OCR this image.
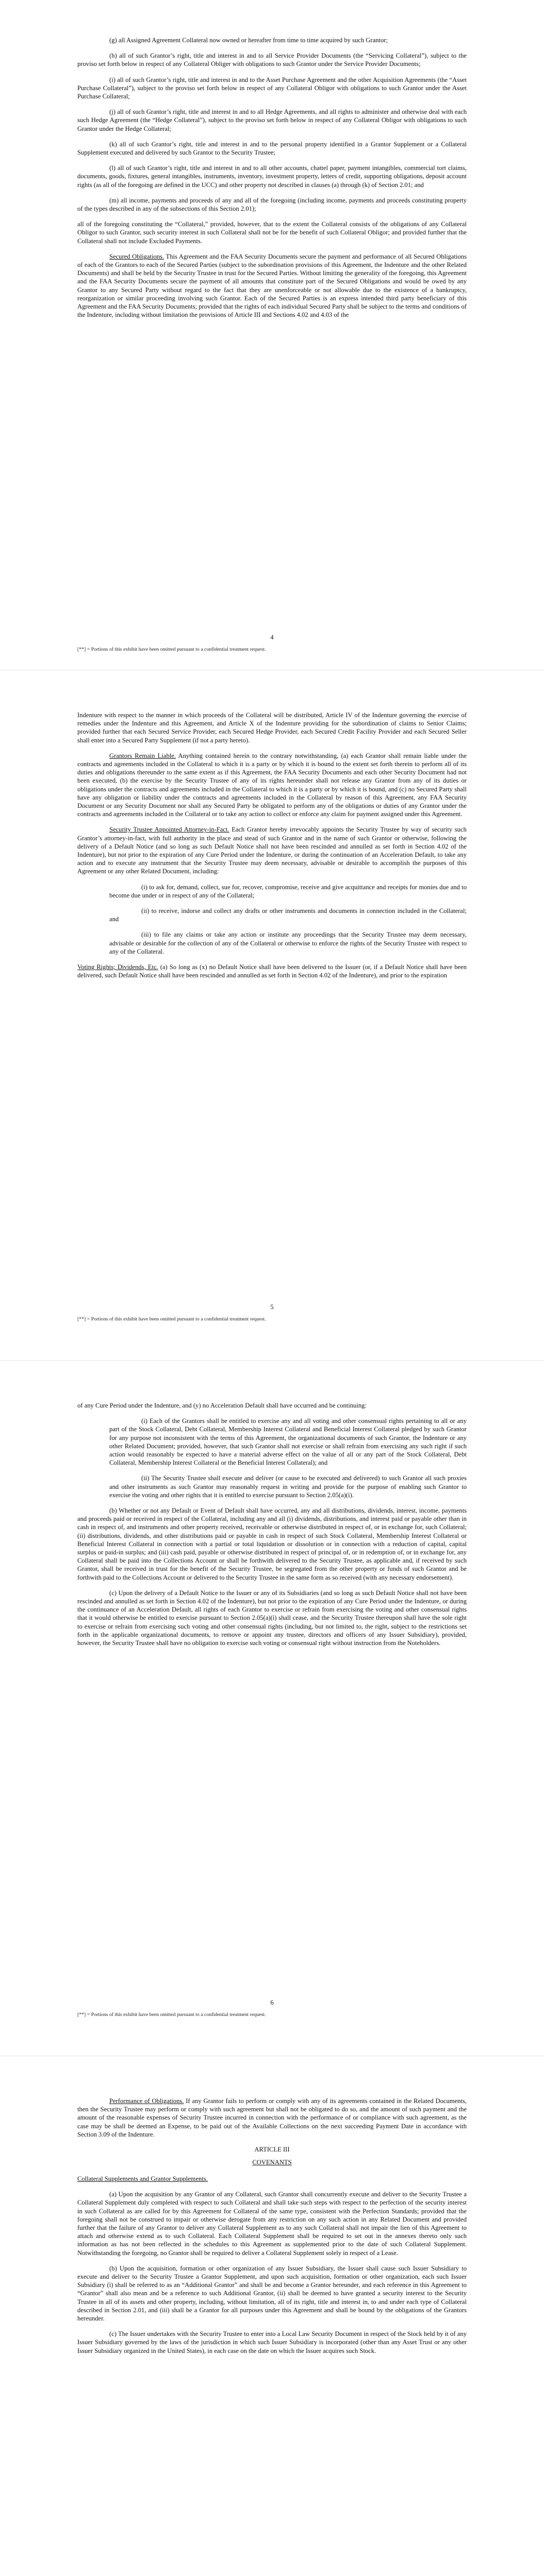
(g) all Assigned Agreement Collateral now owned or hereafter from time to time acquired by such Grantor;

(h) all of such Grantor’s right, title and interest in and to all Service Provider Documents (the “Servicing Collateral”), subject to the proviso set forth below in respect of any Collateral Obliger with obligations to such Grantor under the Service Provider Documents;

(i) all of such Grantor’s right, title and interest in and to the Asset Purchase Agreement and the other Acquisition Agreements (the “Asset Purchase Collateral”), subject to the proviso set forth below in respect of any Collateral Obligor with obligations to such Grantor under the Asset Purchase Collateral;

(j) all of such Grantor’s right, title and interest in and to all Hedge Agreements, and all rights to administer and otherwise deal with each such Hedge Agreement (the “Hedge Collateral”), subject to the proviso set forth below in respect of any Collateral Obligor with obligations to such Grantor under the Hedge Collateral;

(k) all of such Grantor’s right, title and interest in and to the personal property identified in a Grantor Supplement or a Collateral Supplement executed and delivered by such Grantor to the Security Trustee;

(l) all of such Grantor’s right, title and interest in and to all other accounts, chattel paper, payment intangibles, commercial tort claims, documents, goods, fixtures, general intangibles, instruments, inventory, investment property, letters of credit, supporting obligations, deposit account rights (as all of the foregoing are defined in the UCC) and other property not described in clauses (a) through (k) of Section 2.01; and

(m) all income, payments and proceeds of any and all of the foregoing (including income, payments and proceeds constituting property of the types described in any of the subsections of this Section 2.01);

all of the foregoing constituting the “Collateral,” provided, however, that to the extent the Collateral consists of the obligations of any Collateral Obligor to such Grantor, such security interest in such Collateral shall not be for the benefit of such Collateral Obligor; and provided further that the Collateral shall not include Excluded Payments.

Secured Obligations. This Agreement and the FAA Security Documents secure the payment and performance of all Secured Obligations of each of the Grantors to each of the Secured Parties (subject to the subordination provisions of this Agreement, the Indenture and the other Related Documents) and shall be held by the Security Trustee in trust for the Secured Parties. Without limiting the generality of the foregoing, this Agreement and the FAA Security Documents secure the payment of all amounts that constitute part of the Secured Obligations and would be owed by any Grantor to any Secured Party without regard to the fact that they are unenforceable or not allowable due to the existence of a bankruptcy, reorganization or similar proceeding involving such Grantor. Each of the Secured Parties is an express intended third party beneficiary of this Agreement and the FAA Security Documents; provided that the rights of each individual Secured Party shall be subject to the terms and conditions of the Indenture, including without limitation the provisions of Article III and Sections 4.02 and 4.03 of the

4
[**] = Portions of this exhibit have been omitted pursuant to a confidential treatment request.

Indenture with respect to the manner in which proceeds of the Collateral will be distributed, Article IV of the Indenture governing the exercise of remedies under the Indenture and this Agreement, and Article X of the Indenture providing for the subordination of claims to Senior Claims; provided further that each Secured Service Provider, each Secured Hedge Provider, each Secured Credit Facility Provider and each Secured Seller shall enter into a Secured Party Supplement (if not a party hereto).

Grantors Remain Liable. Anything contained herein to the contrary notwithstanding, (a) each Grantor shall remain liable under the contracts and agreements included in the Collateral to which it is a party or by which it is bound to the extent set forth therein to perform all of its duties and obligations thereunder to the same extent as if this Agreement, the FAA Security Documents and each other Security Document had not been executed, (b) the exercise by the Security Trustee of any of its rights hereunder shall not release any Grantor from any of its duties or obligations under the contracts and agreements included in the Collateral to which it is a party or by which it is bound, and (c) no Secured Party shall have any obligation or liability under the contracts and agreements included in the Collateral by reason of this Agreement, any FAA Security Document or any Security Document nor shall any Secured Party be obligated to perform any of the obligations or duties of any Grantor under the contracts and agreements included in the Collateral or to take any action to collect or enforce any claim for payment assigned under this Agreement.

Security Trustee Appointed Attorney-in-Fact. Each Grantor hereby irrevocably appoints the Security Trustee by way of security such Grantor’s attorney-in-fact, with full authority in the place and stead of such Grantor and in the name of such Grantor or otherwise, following the delivery of a Default Notice (and so long as such Default Notice shall not have been rescinded and annulled as set forth in Section 4.02 of the Indenture), but not prior to the expiration of any Cure Period under the Indenture, or during the continuation of an Acceleration Default, to take any action and to execute any instrument that the Security Trustee may deem necessary, advisable or desirable to accomplish the purposes of this Agreement or any other Related Document, including:

(i) to ask for, demand, collect, sue for, recover, compromise, receive and give acquittance and receipts for monies due and to become due under or in respect of any of the Collateral;

(ii) to receive, indorse and collect any drafts or other instruments and documents in connection included in the Collateral; and

(iii) to file any claims or take any action or institute any proceedings that the Security Trustee may deem necessary, advisable or desirable for the collection of any of the Collateral or otherwise to enforce the rights of the Security Trustee with respect to any of the Collateral.

Voting Rights; Dividends, Etc. (a) So long as (x) no Default Notice shall have been delivered to the Issuer (or, if a Default Notice shall have been delivered, such Default Notice shall have been rescinded and annulled as set forth in Section 4.02 of the Indenture), and prior to the expiration

5
[**] = Portions of this exhibit have been omitted pursuant to a confidential treatment request.

of any Cure Period under the Indenture, and (y) no Acceleration Default shall have occurred and be continuing:

(i) Each of the Grantors shall be entitled to exercise any and all voting and other consensual rights pertaining to all or any part of the Stock Collateral, Debt Collateral, Membership Interest Collateral and Beneficial Interest Collateral pledged by such Grantor for any purpose not inconsistent with the terms of this Agreement, the organizational documents of such Grantor, the Indenture or any other Related Document; provided, however, that such Grantor shall not exercise or shall refrain from exercising any such right if such action would reasonably be expected to have a material adverse effect on the value of all or any part of the Stock Collateral, Debt Collateral, Membership Interest Collateral or the Beneficial Interest Collateral); and

(ii) The Security Trustee shall execute and deliver (or cause to be executed and delivered) to such Grantor all such proxies and other instruments as such Grantor may reasonably request in writing and provide for the purpose of enabling such Grantor to exercise the voting and other rights that it is entitled to exercise pursuant to Section 2.05(a)(i).

(b) Whether or not any Default or Event of Default shall have occurred, any and all distributions, dividends, interest, income, payments and proceeds paid or received in respect of the Collateral, including any and all (i) dividends, distributions, and interest paid or payable other than in cash in respect of, and instruments and other property received, receivable or otherwise distributed in respect of, or in exchange for, such Collateral; (ii) distributions, dividends, and other distributions paid or payable in cash in respect of such Stock Collateral, Membership Interest Collateral or Beneficial Interest Collateral in connection with a partial or total liquidation or dissolution or in connection with a reduction of capital, capital surplus or paid-in surplus; and (iii) cash paid, payable or otherwise distributed in respect of principal of, or in redemption of, or in exchange for, any Collateral shall be paid into the Collections Account or shall be forthwith delivered to the Security Trustee, as applicable and, if received by such Grantor, shall be received in trust for the benefit of the Security Trustee, be segregated from the other property or funds of such Grantor and be forthwith paid to the Collections Account or delivered to the Security Trustee in the same form as so received (with any necessary endorsement).

(c) Upon the delivery of a Default Notice to the Issuer or any of its Subsidiaries (and so long as such Default Notice shall not have been rescinded and annulled as set forth in Section 4.02 of the Indenture), but not prior to the expiration of any Cure Period under the Indenture, or during the continuance of an Acceleration Default, all rights of each Grantor to exercise or refrain from exercising the voting and other consensual rights that it would otherwise be entitled to exercise pursuant to Section 2.05(a)(i) shall cease, and the Security Trustee thereupon shall have the sole right to exercise or refrain from exercising such voting and other consensual rights (including, but not limited to, the right, subject to the restrictions set forth in the applicable organizational documents, to remove or appoint any trustee, directors and officers of any Issuer Subsidiary), provided, however, the Security Trustee shall have no obligation to exercise such voting or consensual right without instruction from the Noteholders.

6
[**] = Portions of this exhibit have been omitted pursuant to a confidential treatment request.

Performance of Obligations. If any Grantor fails to perform or comply with any of its agreements contained in the Related Documents, then the Security Trustee may perform or comply with such agreement but shall not be obligated to do so, and the amount of such payment and the amount of the reasonable expenses of Security Trustee incurred in connection with the performance of or compliance with such agreement, as the case may be shall be deemed an Expense, to be paid out of the Available Collections on the next succeeding Payment Date in accordance with Section 3.09 of the Indenture.

ARTICLE III
COVENANTS

Collateral Supplements and Grantor Supplements.

(a) Upon the acquisition by any Grantor of any Collateral, such Grantor shall concurrently execute and deliver to the Security Trustee a Collateral Supplement duly completed with respect to such Collateral and shall take such steps with respect to the perfection of the security interest in such Collateral as are called for by this Agreement for Collateral of the same type, consistent with the Perfection Standards; provided that the foregoing shall not be construed to impair or otherwise derogate from any restriction on any such action in any Related Document and provided further that the failure of any Grantor to deliver any Collateral Supplement as to any such Collateral shall not impair the lien of this Agreement to attach and otherwise extend as to such Collateral. Each Collateral Supplement shall be required to set out in the annexes thereto only such information as has not been reflected in the schedules to this Agreement as supplemented prior to the date of such Collateral Supplement. Notwithstanding the foregoing, no Grantor shall be required to deliver a Collateral Supplement solely in respect of a Lease.

(b) Upon the acquisition, formation or other organization of any Issuer Subsidiary, the Issuer shall cause such Issuer Subsidiary to execute and deliver to the Security Trustee a Grantor Supplement, and upon such acquisition, formation or other organization, each such Issuer Subsidiary (i) shall be referred to as an “Additional Grantor” and shall be and become a Grantor hereunder, and each reference in this Agreement to “Grantor” shall also mean and be a reference to such Additional Grantor, (ii) shall be deemed to have granted a security interest to the Security Trustee in all of its assets and other property, including, without limitation, all of its right, title and interest in, to and under each type of Collateral described in Section 2.01, and (iii) shall be a Grantor for all purposes under this Agreement and shall be bound by the obligations of the Grantors hereunder.

(c) The Issuer undertakes with the Security Trustee to enter into a Local Law Security Document in respect of the Stock held by it of any Issuer Subsidiary governed by the laws of the jurisdiction in which such Issuer Subsidiary is incorporated (other than any Asset Trust or any other Issuer Subsidiary organized in the United States), in each case on the date on which the Issuer acquires such Stock.
